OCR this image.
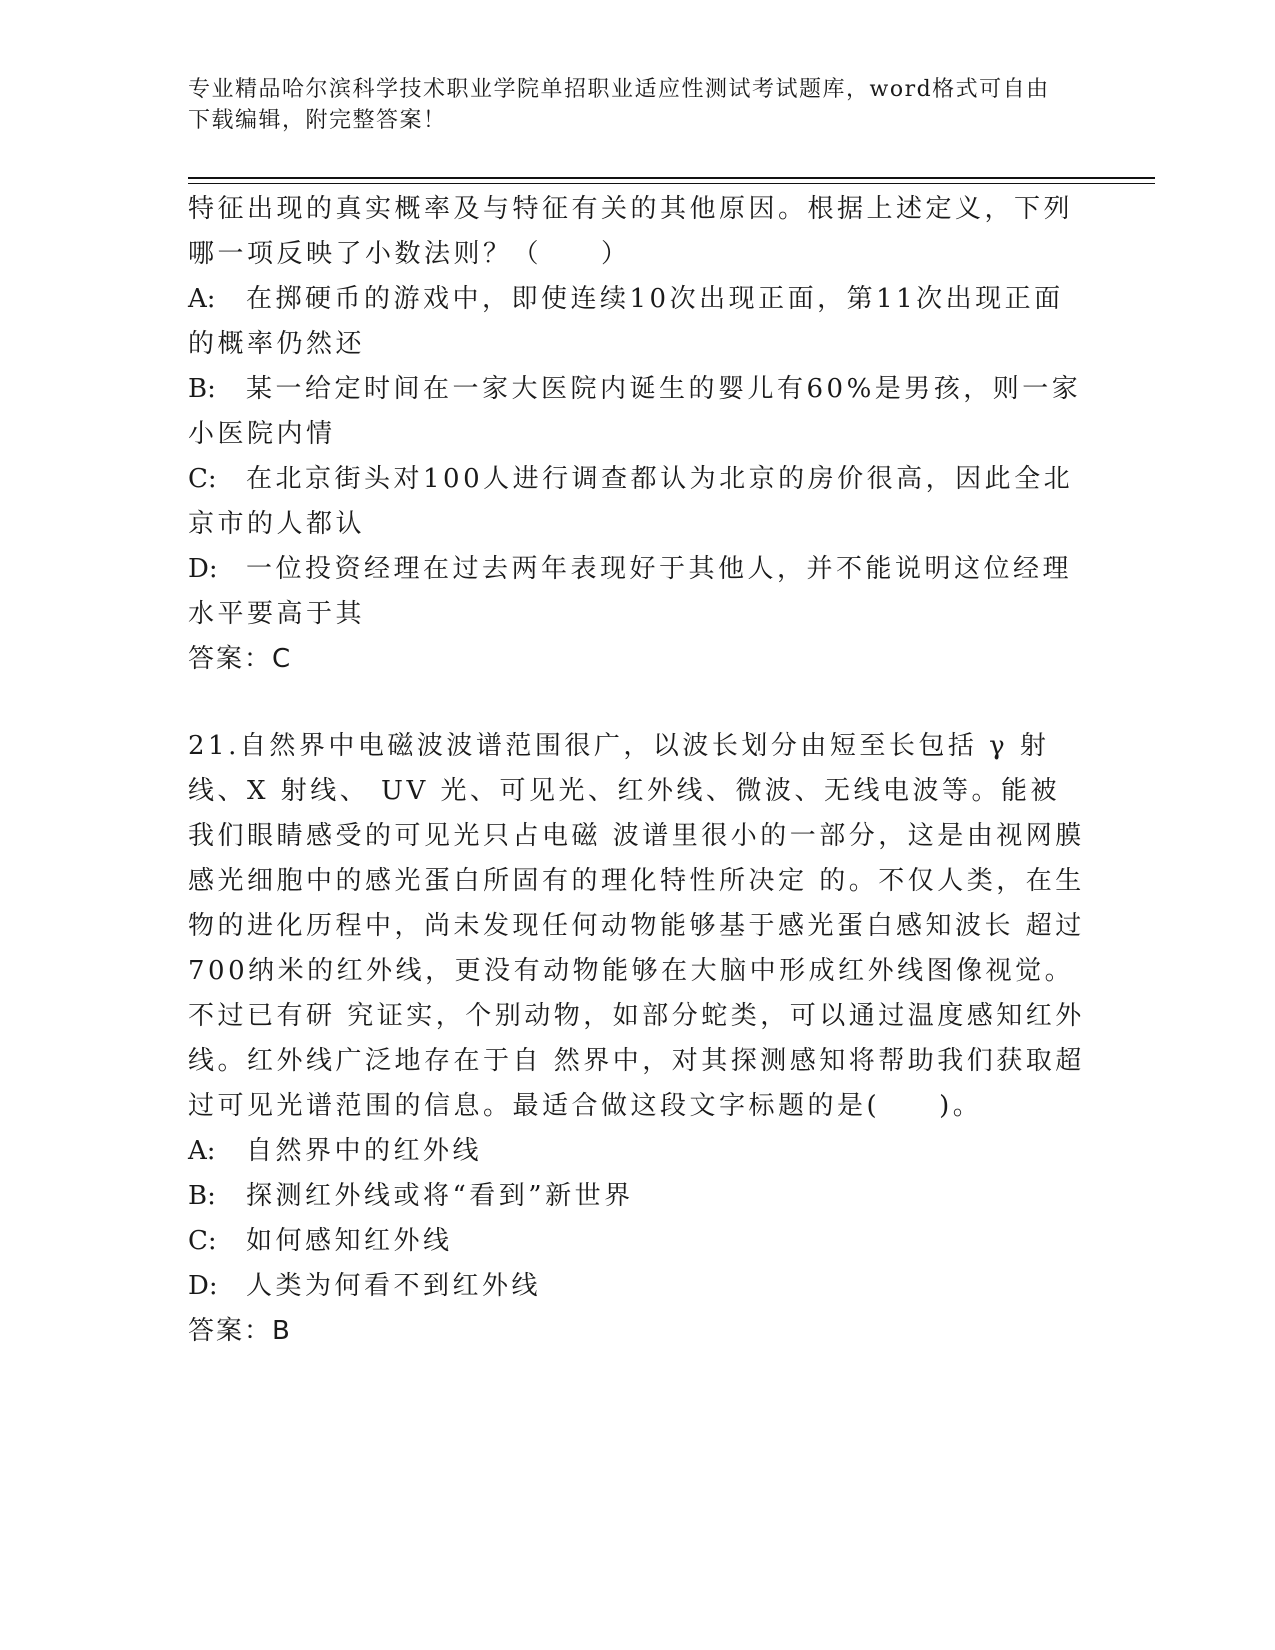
专业精品哈尔滨科学技术职业学院单招职业适应性测试考试题库，word格式可自由下载编辑，附完整答案！

特征出现的真实概率及与特征有关的其他原因。根据上述定义，下列哪一项反映了小数法则？（　　）

A: 在掷硬币的游戏中，即使连续10次出现正面，第11次出现正面的概率仍然还

B: 某一给定时间在一家大医院内诞生的婴儿有60%是男孩，则一家小医院内情

C: 在北京街头对100人进行调查都认为北京的房价很高，因此全北京市的人都认

D: 一位投资经理在过去两年表现好于其他人，并不能说明这位经理水平要高于其

答案：C

21.自然界中电磁波波谱范围很广，以波长划分由短至长包括 γ 射线、X 射线、 UV 光、可见光、红外线、微波、无线电波等。能被我们眼睛感受的可见光只占电磁 波谱里很小的一部分，这是由视网膜感光细胞中的感光蛋白所固有的理化特性所决定 的。不仅人类，在生物的进化历程中，尚未发现任何动物能够基于感光蛋白感知波长 超过700纳米的红外线，更没有动物能够在大脑中形成红外线图像视觉。不过已有研 究证实，个别动物，如部分蛇类，可以通过温度感知红外线。红外线广泛地存在于自 然界中，对其探测感知将帮助我们获取超过可见光谱范围的信息。最适合做这段文字标题的是(　　)。

A: 自然界中的红外线

B: 探测红外线或将“看到”新世界

C: 如何感知红外线

D: 人类为何看不到红外线

答案：B
